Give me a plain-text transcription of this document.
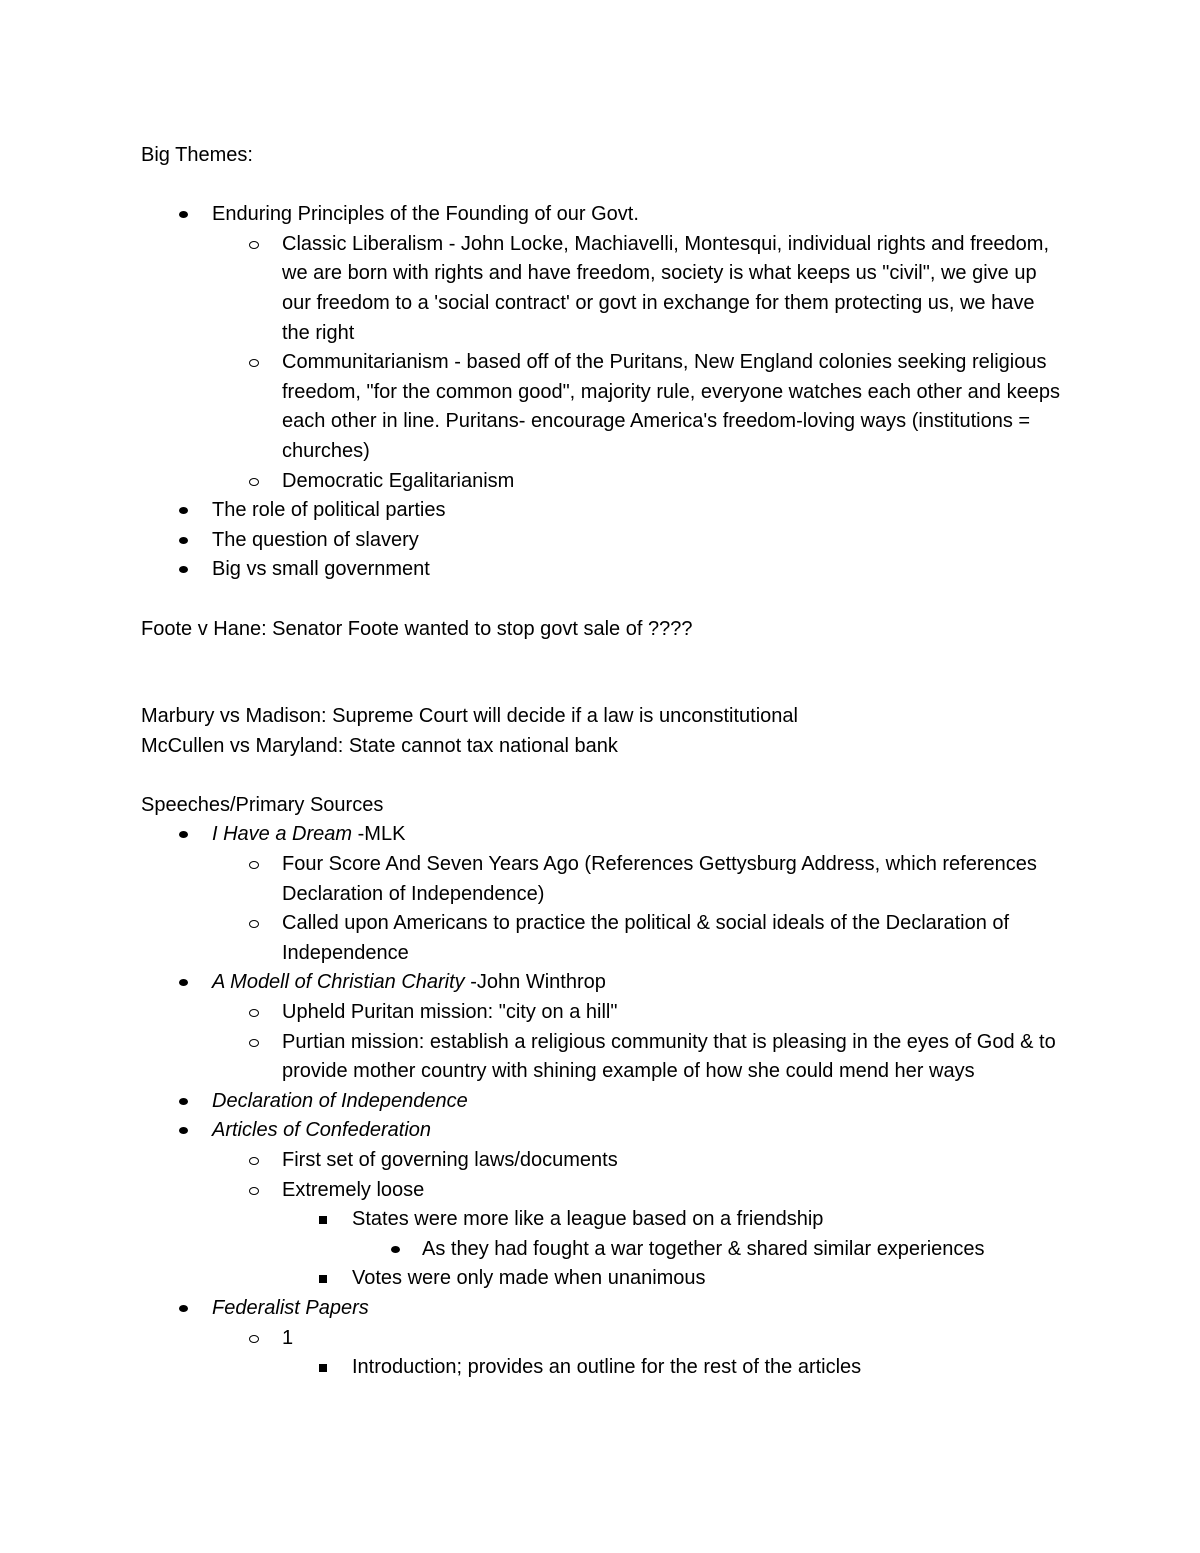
Big Themes:

Enduring Principles of the Founding of our Govt.
Classic Liberalism - John Locke, Machiavelli, Montesqui, individual rights and freedom, we are born with rights and have freedom, society is what keeps us "civil", we give up our freedom to a 'social contract' or govt in exchange for them protecting us, we have the right
Communitarianism - based off of the Puritans, New England colonies seeking religious freedom, "for the common good", majority rule, everyone watches each other and keeps each other in line. Puritans- encourage America's freedom-loving ways (institutions = churches)
Democratic Egalitarianism
The role of political parties
The question of slavery
Big vs small government

Foote v Hane: Senator Foote wanted to stop govt sale of ????

Marbury vs Madison: Supreme Court will decide if a law is unconstitutional

McCullen vs Maryland: State cannot tax national bank

Speeches/Primary Sources

I Have a Dream -MLK
Four Score And Seven Years Ago (References Gettysburg Address, which references Declaration of Independence)
Called upon Americans to practice the political & social ideals of the Declaration of Independence
A Modell of Christian Charity -John Winthrop
Upheld Puritan mission: "city on a hill"
Purtian mission: establish a religious community that is pleasing in the eyes of God & to provide mother country with shining example of how she could mend her ways
Declaration of Independence
Articles of Confederation
First set of governing laws/documents
Extremely loose
States were more like a league based on a friendship
As they had fought a war together & shared similar experiences
Votes were only made when unanimous
Federalist Papers
1
Introduction; provides an outline for the rest of the articles
